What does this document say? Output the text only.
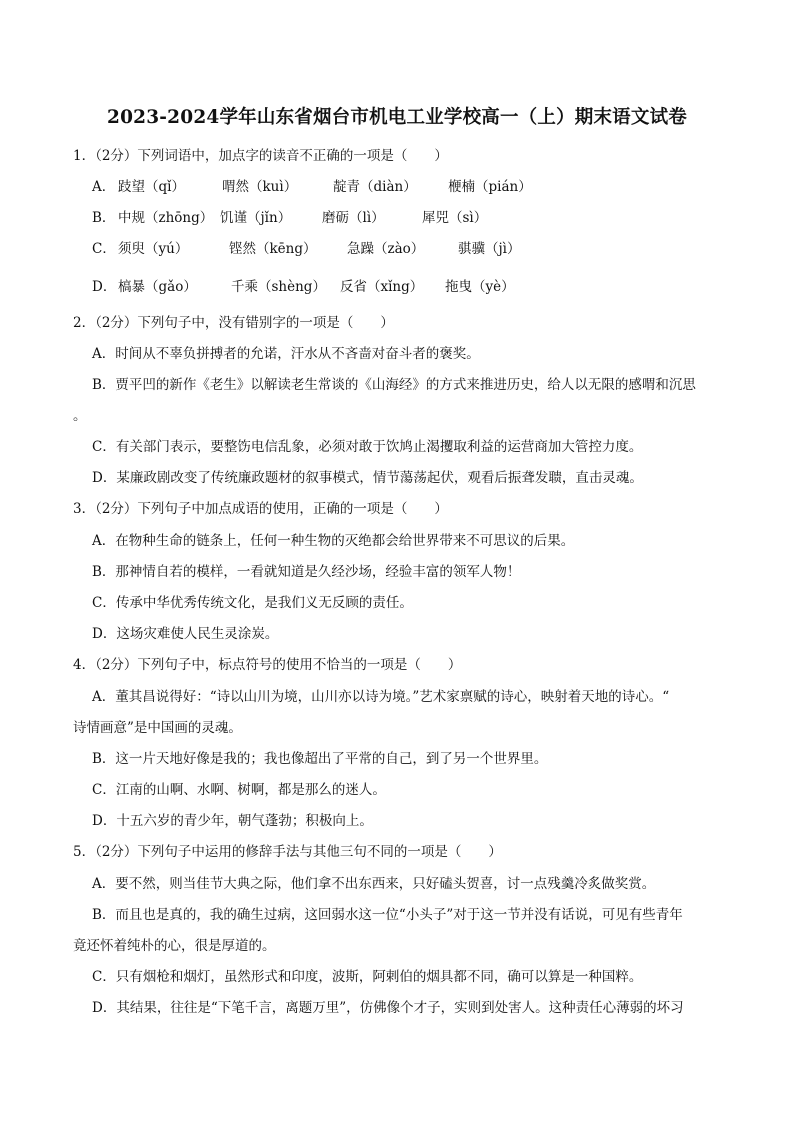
2023-2024学年山东省烟台市机电工业学校高一（上）期末语文试卷
1．（2分）下列词语中，加点字的读音不正确的一项是（　　）
A． 跂望（qǐ）	喟然（kuì）	靛青（diàn） 楩楠（pián）
B． 中规（zhōng） 饥谨（jǐn） 磨砺（lì）	犀兕（sì）
C． 须臾（yú）	铿然（kēng） 急躁（zào） 骐骥（jì）
D． 槁暴（gǎo）	千乘（shèng） 反省（xǐng） 拖曳（yè）
2．（2分）下列句子中，没有错别字的一项是（　　）
A．时间从不辜负拼搏者的允诺，汗水从不吝啬对奋斗者的褒奖。
B．贾平凹的新作《老生》以解读老生常谈的《山海经》的方式来推进历史，给人以无限的感喟和沉思
。
C．有关部门表示，要整饬电信乱象，必须对敢于饮鸠止渴攫取利益的运营商加大管控力度。
D．某廉政剧改变了传统廉政题材的叙事模式，情节蕩荡起伏，观看后振聋发聩，直击灵魂。
3．（2分）下列句子中加点成语的使用，正确的一项是（　　）
A．在物种生命的链条上，任何一种生物的灭绝都会给世界带来不可思议的后果。
B．那神情自若的模样，一看就知道是久经沙场，经验丰富的领军人物！
C．传承中华优秀传统文化，是我们义无反顾的责任。
D．这场灾难使人民生灵涂炭。
4．（2分）下列句子中，标点符号的使用不恰当的一项是（　　）
A．董其昌说得好：“诗以山川为境，山川亦以诗为境。”艺术家禀赋的诗心，映射着天地的诗心。“
诗情画意”是中国画的灵魂。
B．这一片天地好像是我的；我也像超出了平常的自己，到了另一个世界里。
C．江南的山啊、水啊、树啊，都是那么的迷人。
D．十五六岁的青少年，朝气蓬勃；积极向上。
5．（2分）下列句子中运用的修辞手法与其他三句不同的一项是（　　）
A．要不然，则当佳节大典之际，他们拿不出东西来，只好磕头贺喜，讨一点残羹冷炙做奖赏。
B．而且也是真的，我的确生过病，这回弱水这一位“小头子”对于这一节并没有话说，可见有些青年
竟还怀着纯朴的心，很是厚道的。
C．只有烟枪和烟灯，虽然形式和印度，波斯，阿剌伯的烟具都不同，确可以算是一种国粹。
D．其结果，往往是“下笔千言，离题万里”，仿佛像个才子，实则到处害人。这种责任心薄弱的坏习
